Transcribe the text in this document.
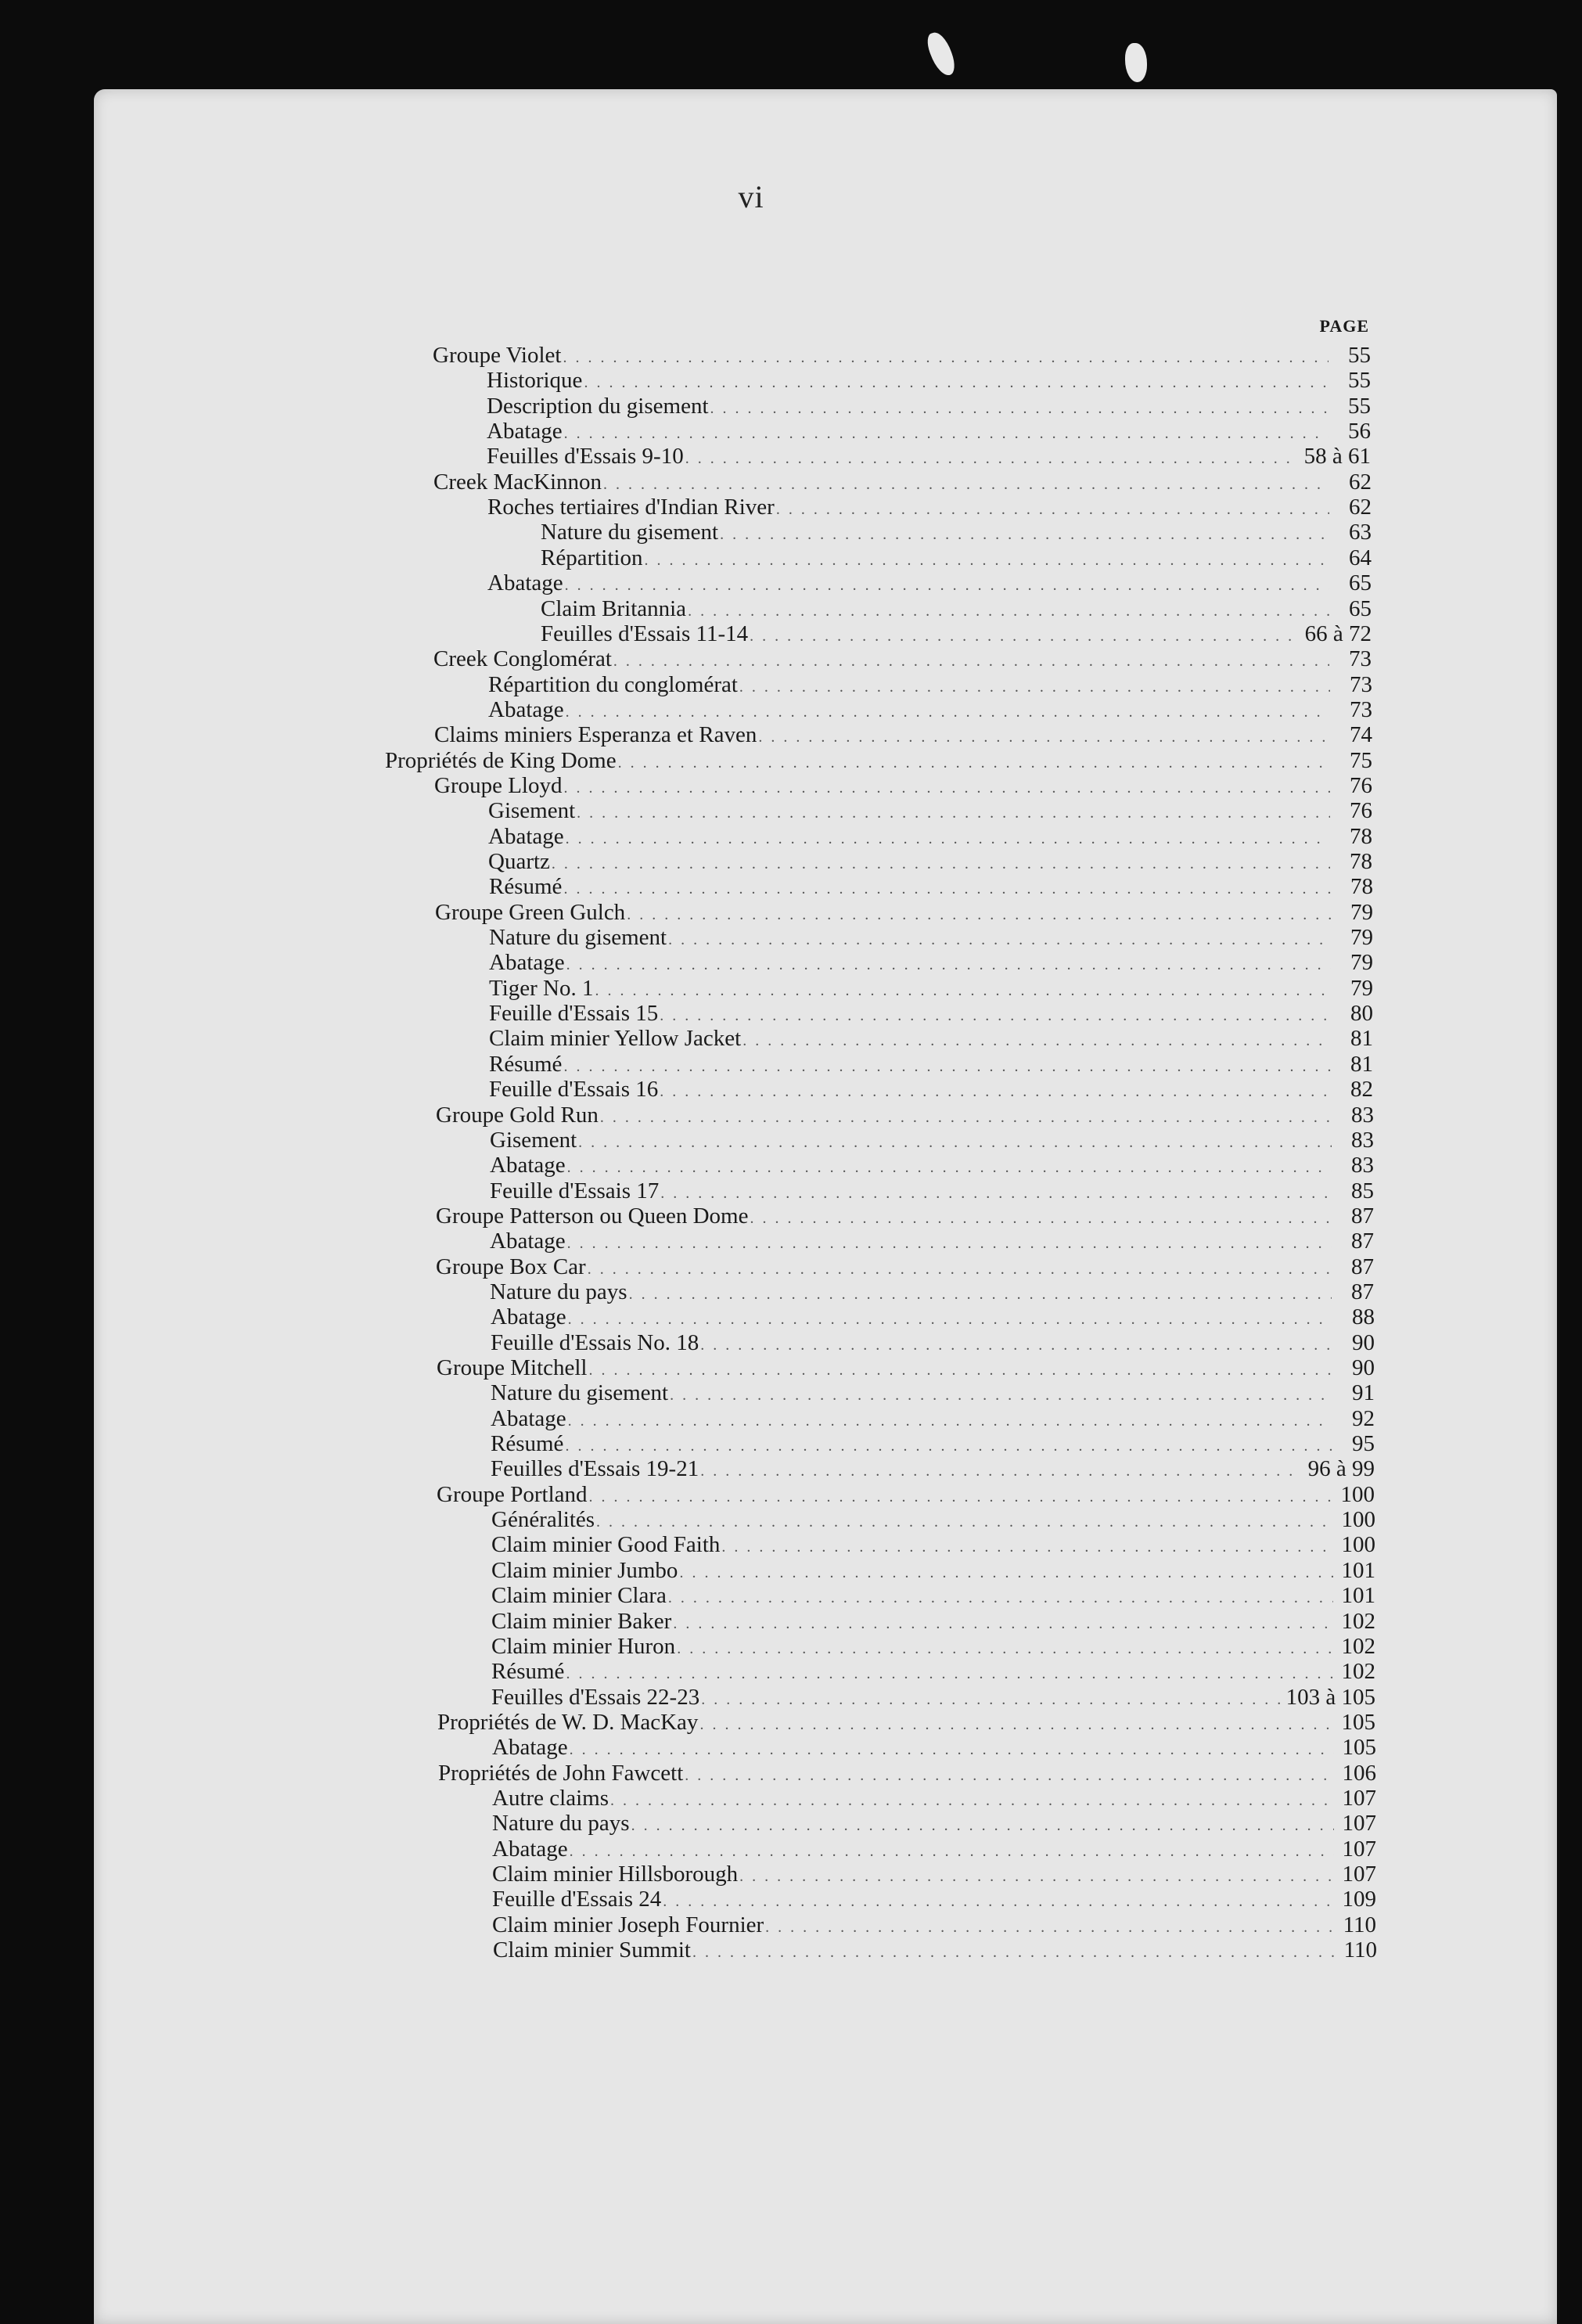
vi
PAGE
Groupe Violet . . .	55
Historique . . .	55
Description du gisement . . .	55
Abatage . . .	56
Feuilles d'Essais 9-10 . . .	58 à 61
Creek MacKinnon . . .	62
Roches tertiaires d'Indian River . . .	62
Nature du gisement . . .	63
Répartition . . .	64
Abatage . . .	65
Claim Britannia . . .	65
Feuilles d'Essais 11-14 . . .	66 à 72
Creek Conglomérat . . .	73
Répartition du conglomérat . . .	73
Abatage . . .	73
Claims miniers Esperanza et Raven . . .	74
Propriétés de King Dome . . .	75
Groupe Lloyd . . .	76
Gisement . . .	76
Abatage . . .	78
Quartz . . .	78
Résumé . . .	78
Groupe Green Gulch . . .	79
Nature du gisement . . .	79
Abatage . . .	79
Tiger No. 1 . . .	79
Feuille d'Essais 15 . . .	80
Claim minier Yellow Jacket . . .	81
Résumé . . .	81
Feuille d'Essais 16 . . .	82
Groupe Gold Run . . .	83
Gisement . . .	83
Abatage . . .	83
Feuille d'Essais 17 . . .	85
Groupe Patterson ou Queen Dome . . .	87
Abatage . . .	87
Groupe Box Car . . .	87
Nature du pays . . .	87
Abatage . . .	88
Feuille d'Essais No. 18 . . .	90
Groupe Mitchell . . .	90
Nature du gisement . . .	91
Abatage . . .	92
Résumé . . .	95
Feuilles d'Essais 19-21 . . .	96 à 99
Groupe Portland . . .	100
Généralités . . .	100
Claim minier Good Faith . . .	100
Claim minier Jumbo . . .	101
Claim minier Clara . . .	101
Claim minier Baker . . .	102
Claim minier Huron . . .	102
Résumé . . .	102
Feuilles d'Essais 22-23 . . .	103 à 105
Propriétés de W. D. MacKay . . .	105
Abatage . . .	105
Propriétés de John Fawcett . . .	106
Autre claims . . .	107
Nature du pays . . .	107
Abatage . . .	107
Claim minier Hillsborough . . .	107
Feuille d'Essais 24 . . .	109
Claim minier Joseph Fournier . . .	110
Claim minier Summit . . .	110
